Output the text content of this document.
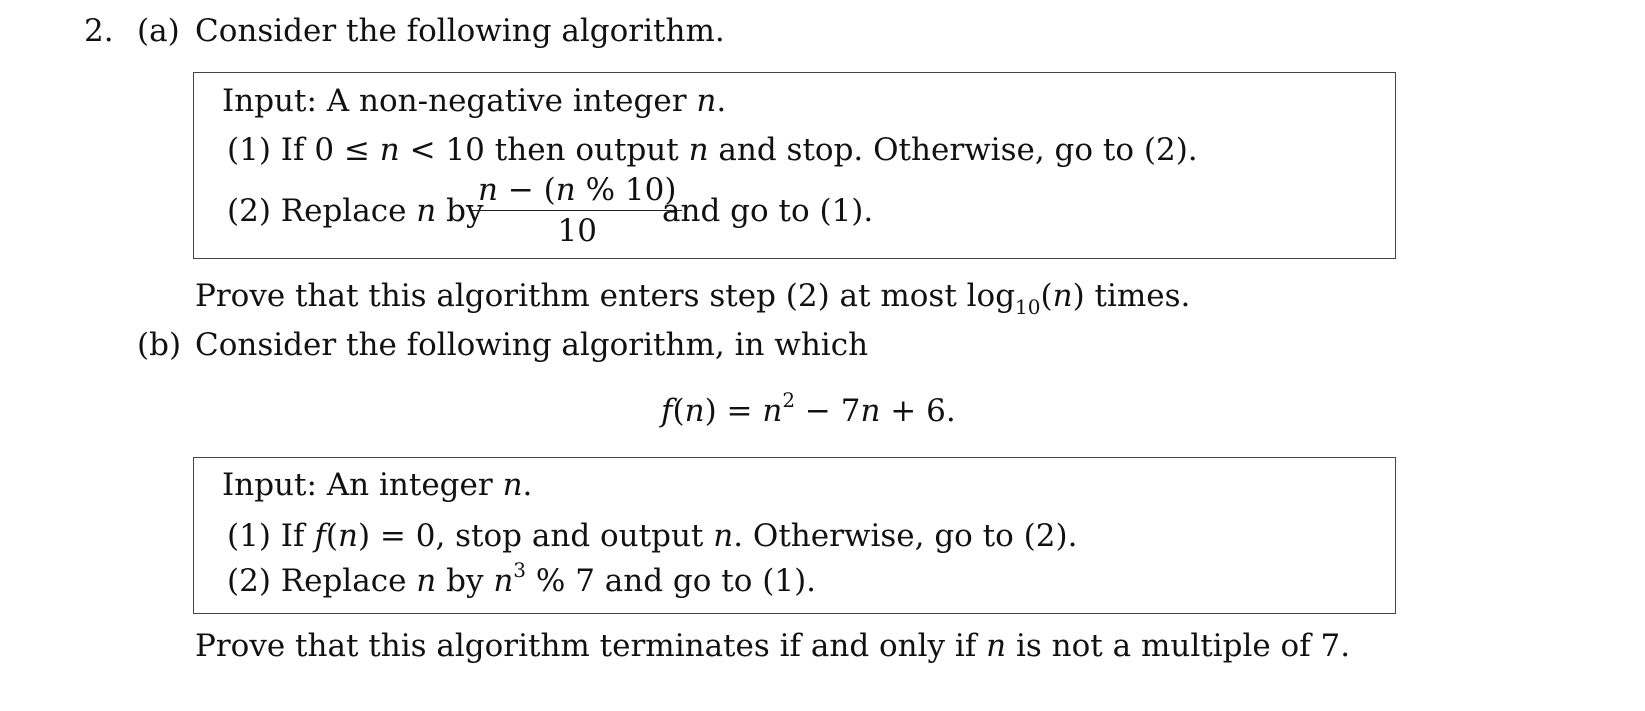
2. (a) Consider the following algorithm.
Input: A non-negative integer n.
(1) If 0 ≤ n < 10 then output n and stop. Otherwise, go to (2).
(2) Replace n by
$\frac{n - (n \% 10)}{10}$
and go to (1).
Prove that this algorithm enters step (2) at most $\log_{10}(n)$ times.
(b) Consider the following algorithm, in which
$f(n) = n^2 - 7n + 6$.
Input: An integer n.
(1) If f(n) = 0, stop and output n. Otherwise, go to (2).
(2) Replace n by $n^3$ % 7 and go to (1).
Prove that this algorithm terminates if and only if n is not a multiple of 7.
